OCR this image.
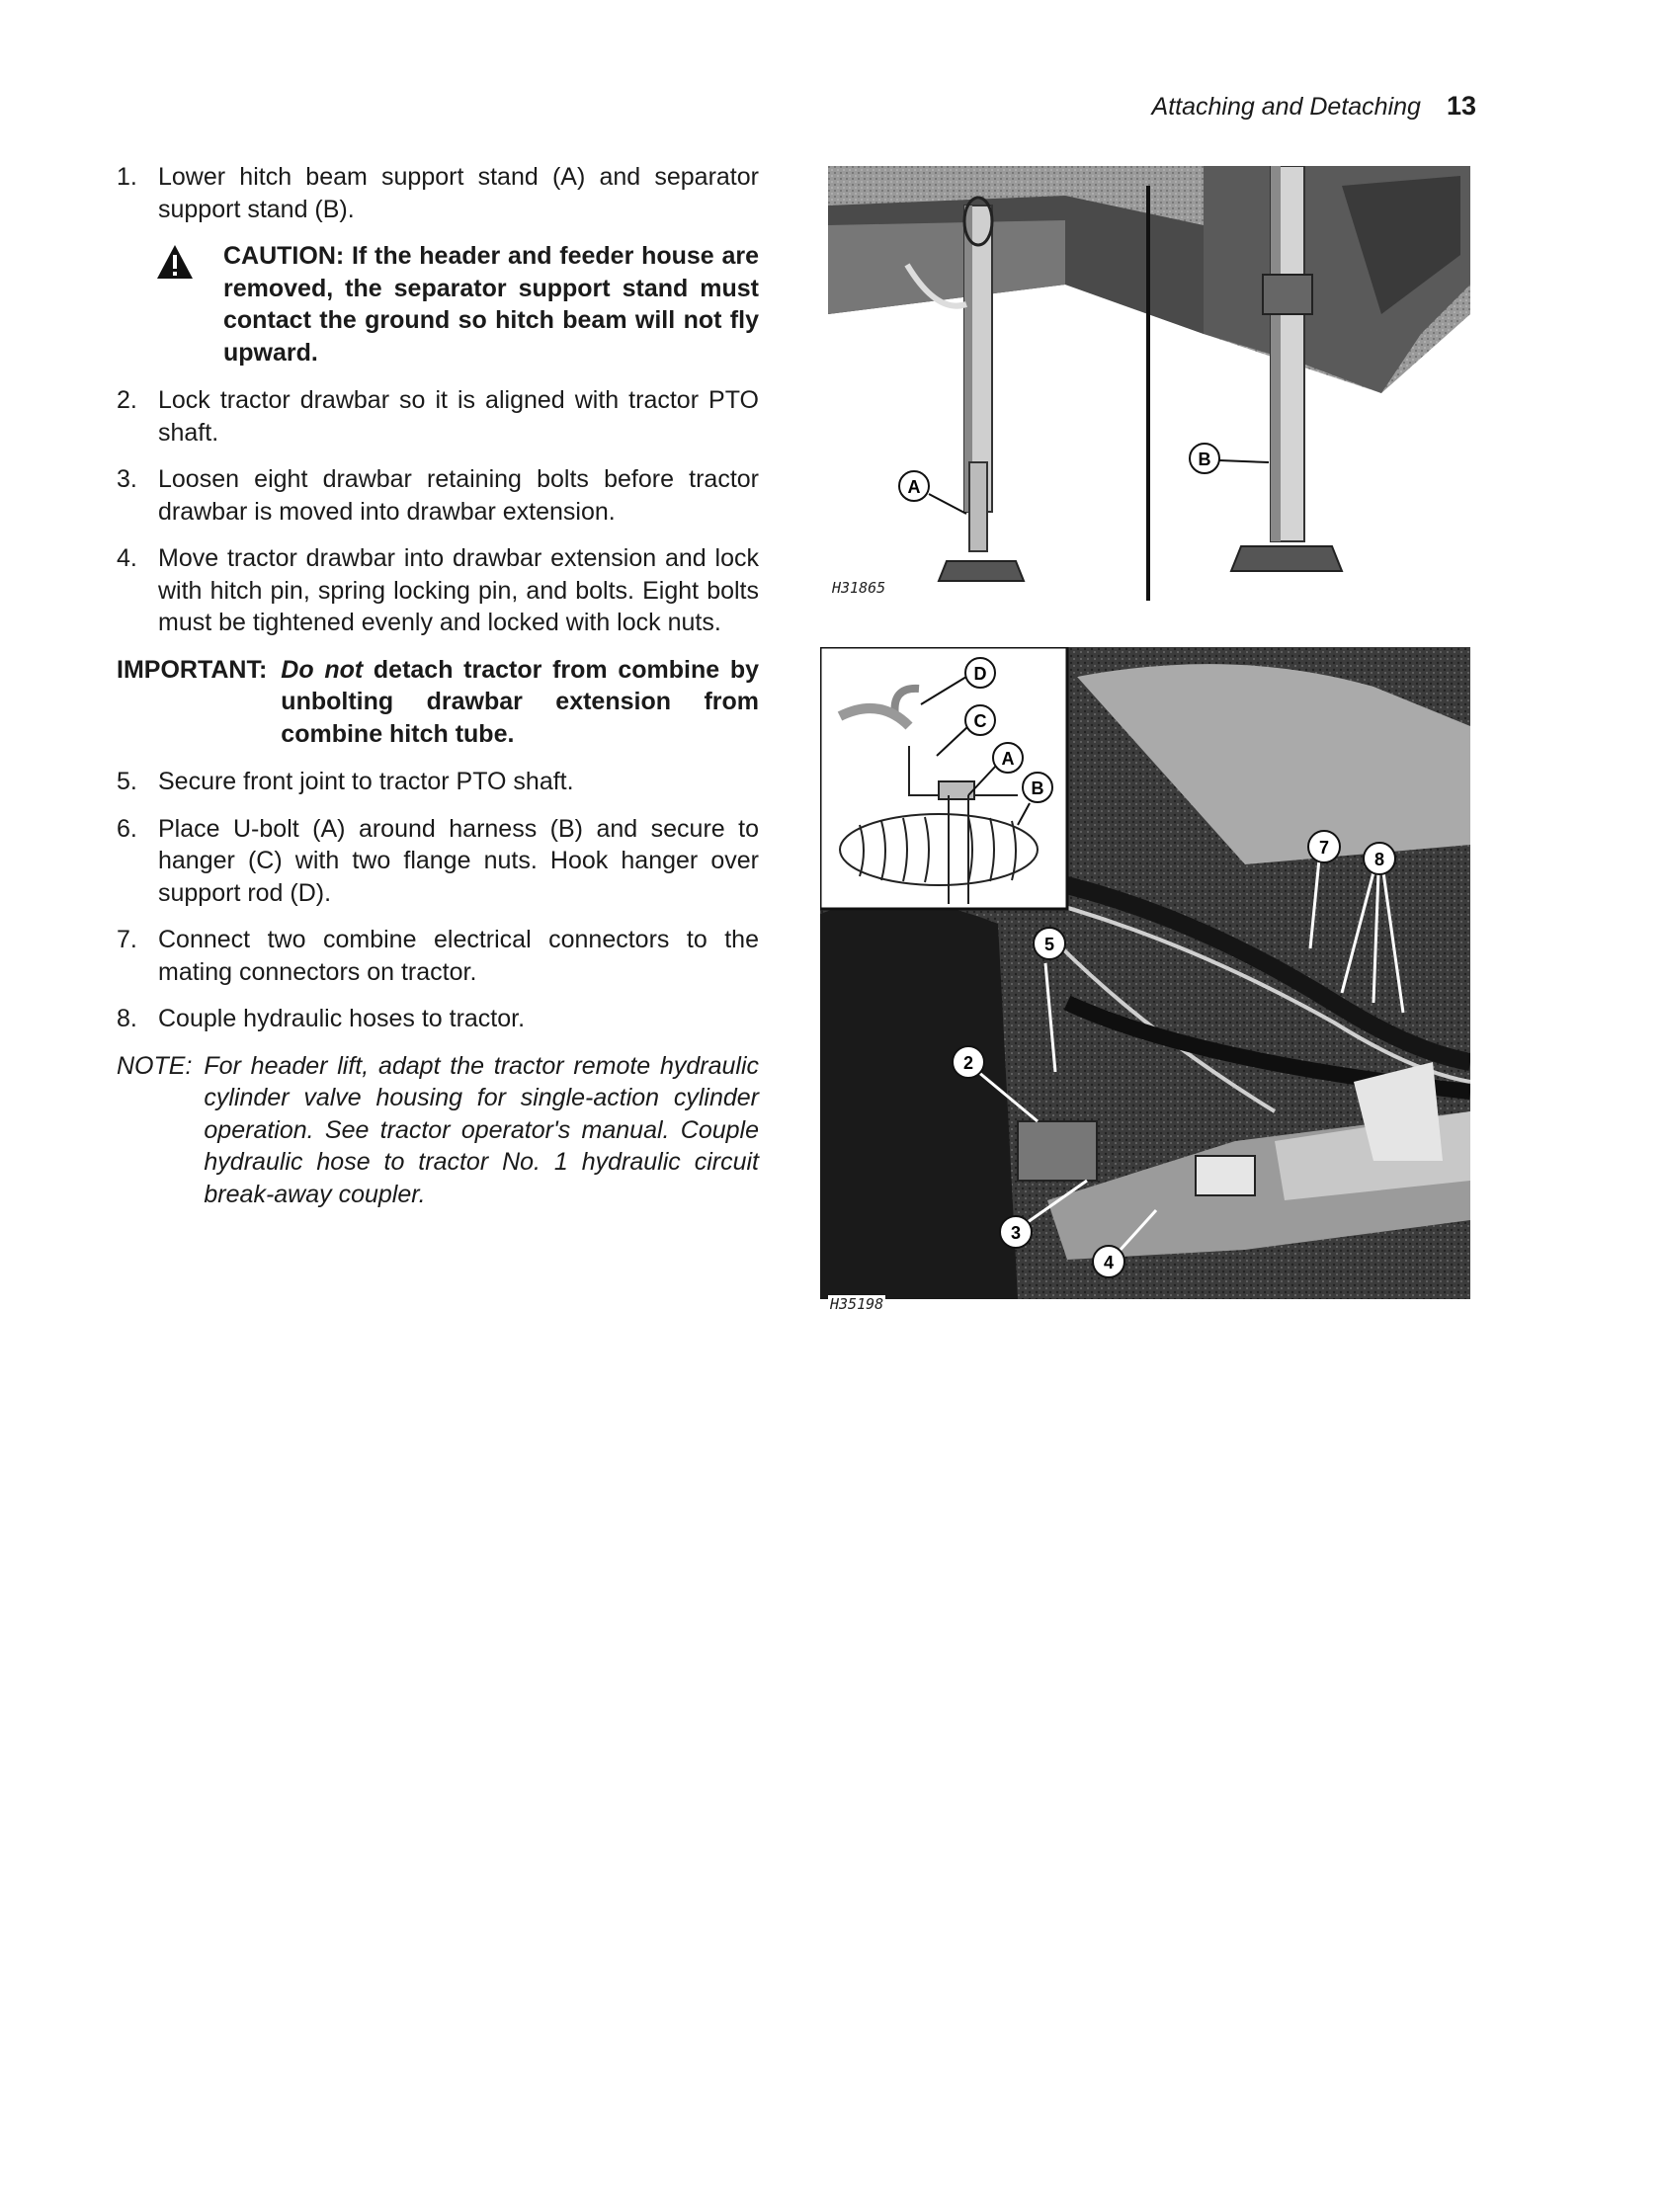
Attaching and Detaching 13
1. Lower hitch beam support stand (A) and separator support stand (B).
CAUTION: If the header and feeder house are removed, the separator support stand must contact the ground so hitch beam will not fly upward.
2. Lock tractor drawbar so it is aligned with tractor PTO shaft.
3. Loosen eight drawbar retaining bolts before tractor drawbar is moved into drawbar extension.
4. Move tractor drawbar into drawbar extension and lock with hitch pin, spring locking pin, and bolts. Eight bolts must be tightened evenly and locked with lock nuts.
IMPORTANT: Do not detach tractor from combine by unbolting drawbar extension from combine hitch tube.
5. Secure front joint to tractor PTO shaft.
6. Place U-bolt (A) around harness (B) and secure to hanger (C) with two flange nuts. Hook hanger over support rod (D).
7. Connect two combine electrical connectors to the mating connectors on tractor.
8. Couple hydraulic hoses to tractor.
NOTE: For header lift, adapt the tractor remote hydraulic cylinder valve housing for single-action cylinder operation. See tractor operator's manual. Couple hydraulic hose to tractor No. 1 hydraulic circuit break-away coupler.
A
B
H31865
D
C
A
B
7
8
5
2
3
4
H35198
